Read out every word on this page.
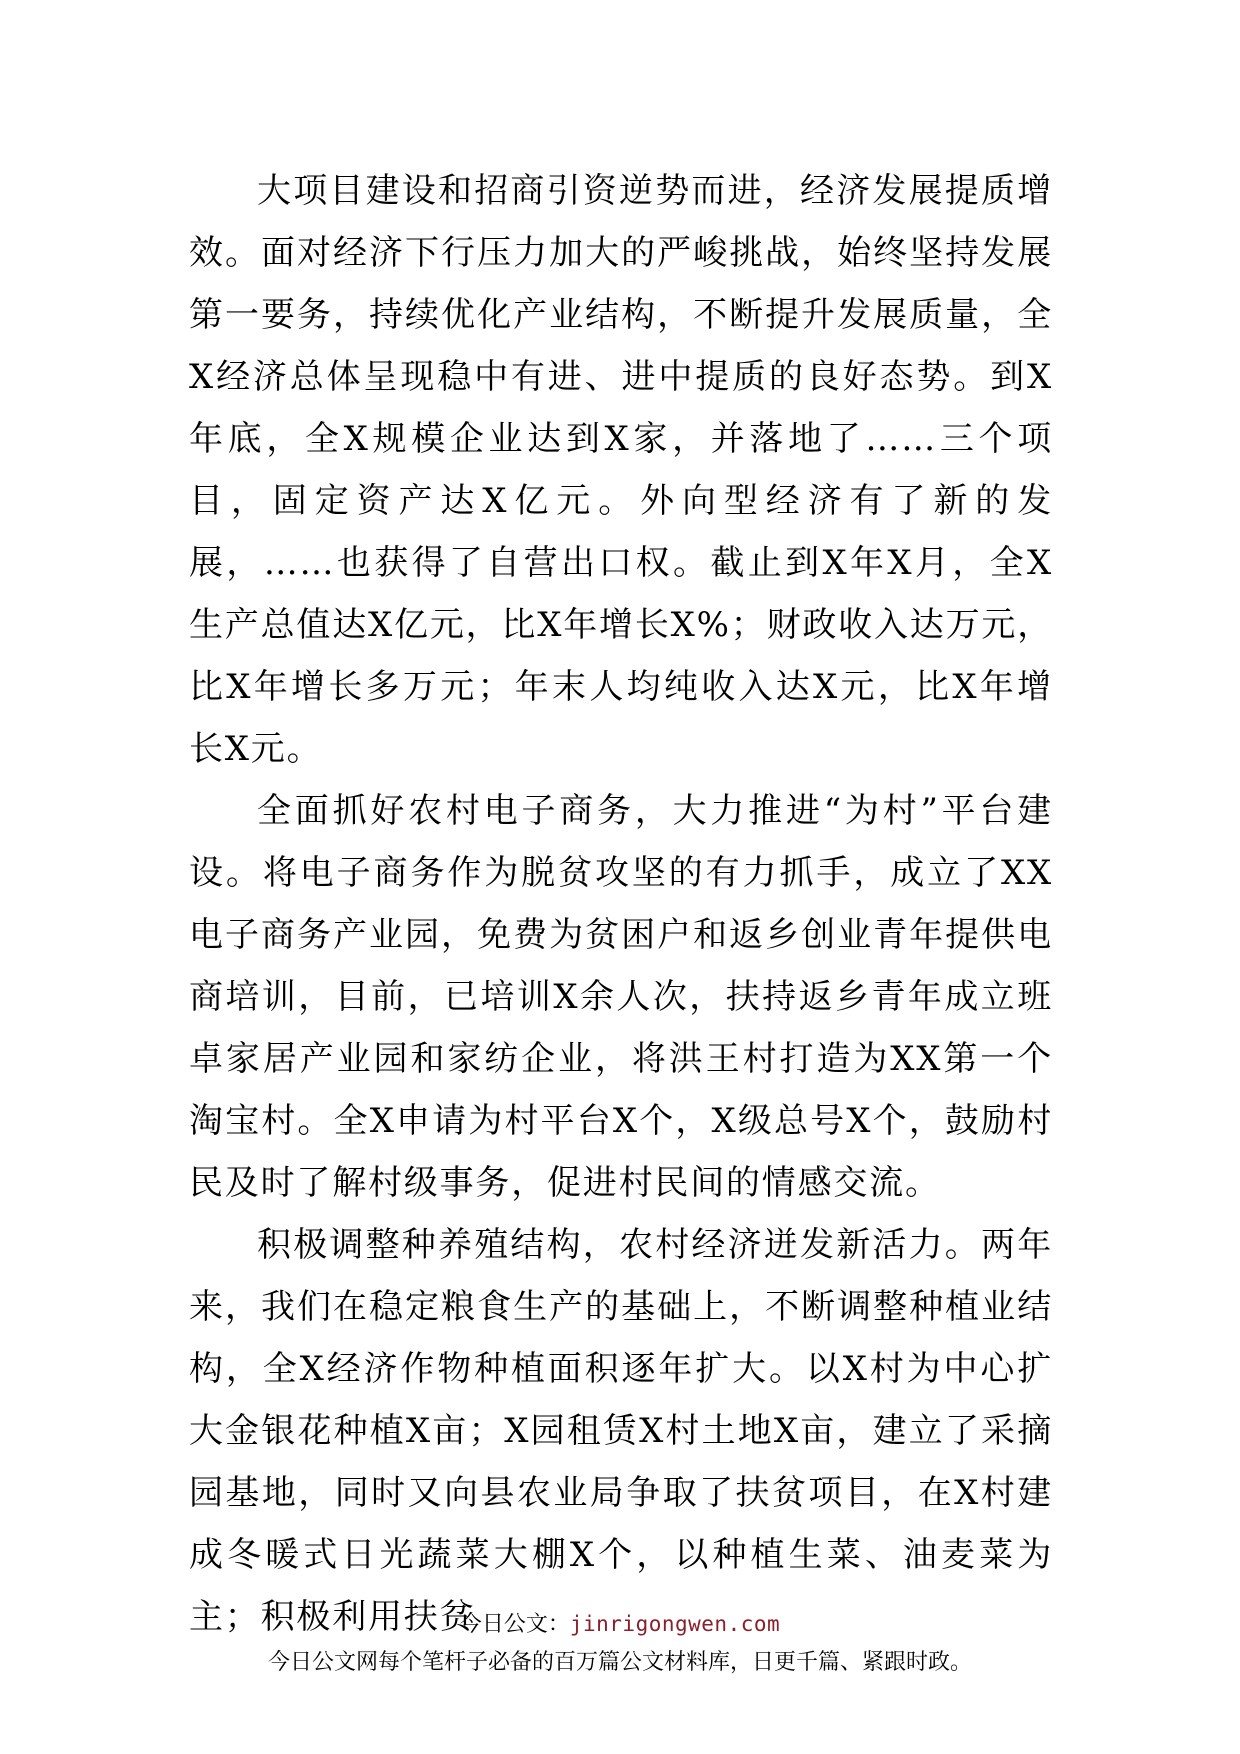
大项目建设和招商引资逆势而进，经济发展提质增效。面对经济下行压力加大的严峻挑战，始终坚持发展第一要务，持续优化产业结构，不断提升发展质量，全X经济总体呈现稳中有进、进中提质的良好态势。到X年底，全X规模企业达到X家，并落地了……三个项目，固定资产达X亿元。外向型经济有了新的发展，……也获得了自营出口权。截止到X年X月，全X生产总值达X亿元，比X年增长X%；财政收入达万元，比X年增长多万元；年末人均纯收入达X元，比X年增长X元。

全面抓好农村电子商务，大力推进“为村”平台建设。将电子商务作为脱贫攻坚的有力抓手，成立了XX电子商务产业园，免费为贫困户和返乡创业青年提供电商培训，目前，已培训X余人次，扶持返乡青年成立班卓家居产业园和家纺企业，将洪王村打造为XX第一个淘宝村。全X申请为村平台X个，X级总号X个，鼓励村民及时了解村级事务，促进村民间的情感交流。

积极调整种养殖结构，农村经济迸发新活力。两年来，我们在稳定粮食生产的基础上，不断调整种植业结构，全X经济作物种植面积逐年扩大。以X村为中心扩大金银花种植X亩；X园租赁X村土地X亩，建立了采摘园基地，同时又向县农业局争取了扶贫项目，在X村建成冬暖式日光蔬菜大棚X个，以种植生菜、油麦菜为主；积极利用扶贫

今日公文：jinrigongwen.com
今日公文网每个笔杆子必备的百万篇公文材料库，日更千篇、紧跟时政。
